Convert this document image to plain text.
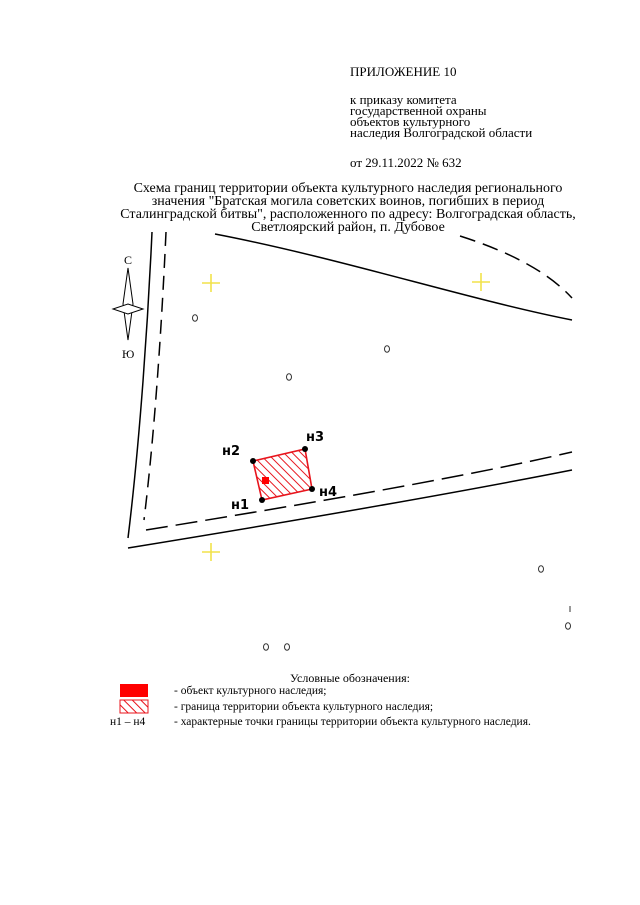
ПРИЛОЖЕНИЕ 10
к приказу комитета
государственной охраны
объектов культурного
наследия Волгоградской области
от 29.11.2022 № 632
Схема границ территории объекта культурного наследия регионального
значения "Братская могила советских воинов, погибших в период
Сталинградской битвы", расположенного по адресу: Волгоградская область,
Светлоярский район, п. Дубовое
С
Ю
н1
н2
н3
н4
Условные обозначения:
- объект культурного наследия;
- граница территории объекта культурного наследия;
н1 – н4	- характерные точки границы территории объекта культурного наследия.
